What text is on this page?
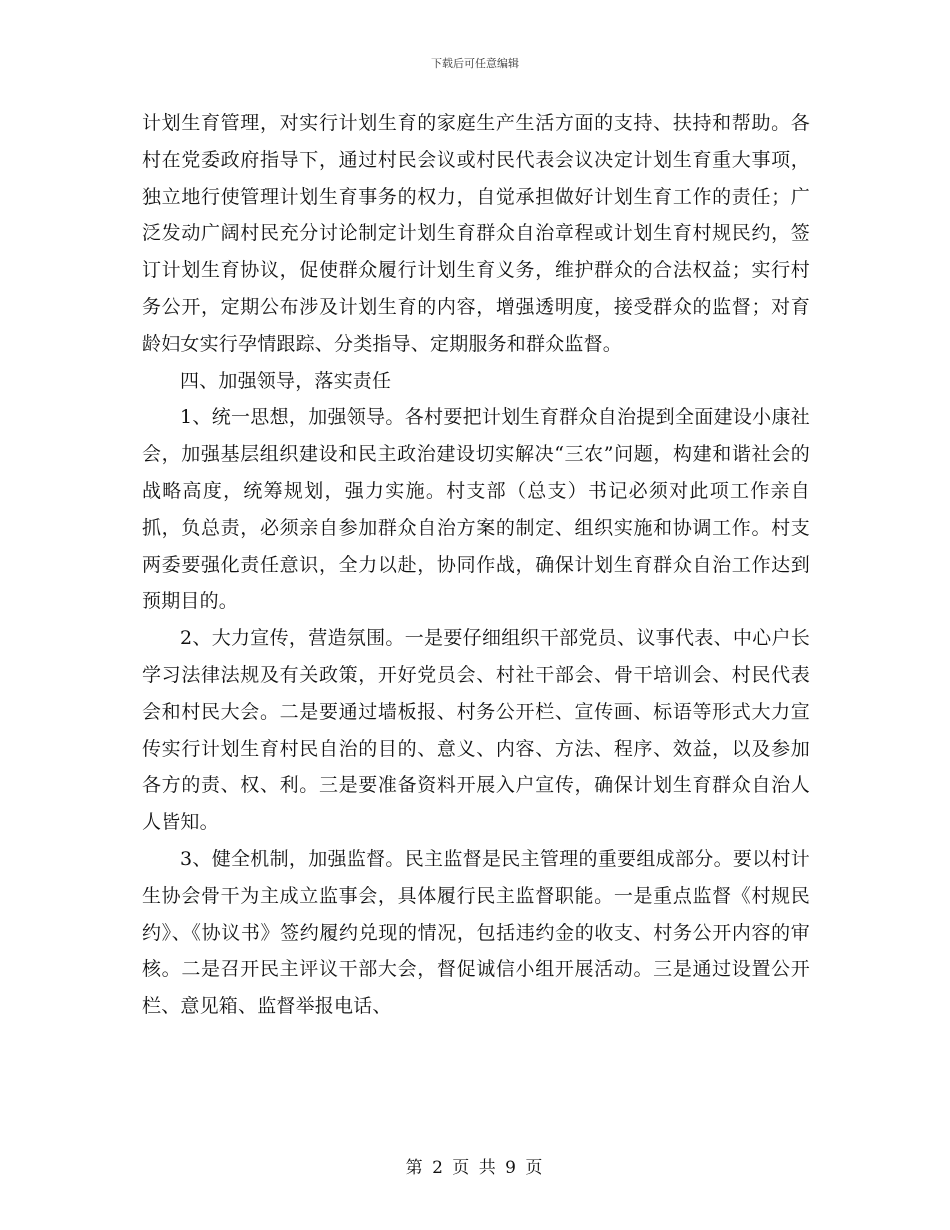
下载后可任意编辑

计划生育管理，对实行计划生育的家庭生产生活方面的支持、扶持和帮助。各村在党委政府指导下，通过村民会议或村民代表会议决定计划生育重大事项，独立地行使管理计划生育事务的权力，自觉承担做好计划生育工作的责任；广泛发动广阔村民充分讨论制定计划生育群众自治章程或计划生育村规民约，签订计划生育协议，促使群众履行计划生育义务，维护群众的合法权益；实行村务公开，定期公布涉及计划生育的内容，增强透明度，接受群众的监督；对育龄妇女实行孕情跟踪、分类指导、定期服务和群众监督。

四、加强领导，落实责任

1、统一思想，加强领导。各村要把计划生育群众自治提到全面建设小康社会，加强基层组织建设和民主政治建设切实解决“三农”问题，构建和谐社会的战略高度，统筹规划，强力实施。村支部（总支）书记必须对此项工作亲自抓，负总责，必须亲自参加群众自治方案的制定、组织实施和协调工作。村支两委要强化责任意识，全力以赴，协同作战，确保计划生育群众自治工作达到预期目的。

2、大力宣传，营造氛围。一是要仔细组织干部党员、议事代表、中心户长学习法律法规及有关政策，开好党员会、村社干部会、骨干培训会、村民代表会和村民大会。二是要通过墙板报、村务公开栏、宣传画、标语等形式大力宣传实行计划生育村民自治的目的、意义、内容、方法、程序、效益，以及参加各方的责、权、利。三是要准备资料开展入户宣传，确保计划生育群众自治人人皆知。

3、健全机制，加强监督。民主监督是民主管理的重要组成部分。要以村计生协会骨干为主成立监事会，具体履行民主监督职能。一是重点监督《村规民约》、《协议书》签约履约兑现的情况，包括违约金的收支、村务公开内容的审核。二是召开民主评议干部大会，督促诚信小组开展活动。三是通过设置公开栏、意见箱、监督举报电话、

第 2 页 共 9 页
